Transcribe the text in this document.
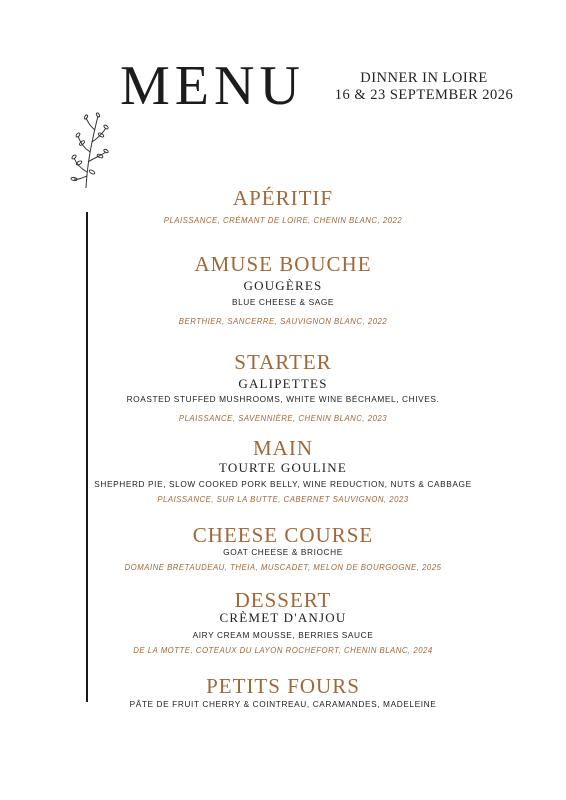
MENU	DINNER IN LOIRE
16 & 23 SEPTEMBER 2026
APÉRITIF
PLAISSANCE, CRÉMANT DE LOIRE, CHENIN BLANC, 2022
AMUSE BOUCHE
GOUGÈRES
BLUE CHEESE & SAGE
BERTHIER, SANCERRE, SAUVIGNON BLANC, 2022
STARTER
GALIPETTES
ROASTED STUFFED MUSHROOMS, WHITE WINE BÉCHAMEL, CHIVES.
PLAISSANCE, SAVENNIÈRE, CHENIN BLANC, 2023
MAIN
TOURTE GOULINE
SHEPHERD PIE, SLOW COOKED PORK BELLY, WINE REDUCTION, NUTS & CABBAGE
PLAISSANCE, SUR LA BUTTE, CABERNET SAUVIGNON, 2023
CHEESE COURSE
GOAT CHEESE & BRIOCHE
DOMAINE BRETAUDEAU, THEIA, MUSCADET, MELON DE BOURGOGNE, 2025
DESSERT
CRÈMET D'ANJOU
AIRY CREAM MOUSSE, BERRIES SAUCE
DE LA MOTTE, COTEAUX DU LAYON ROCHEFORT, CHENIN BLANC, 2024
PETITS FOURS
PÂTE DE FRUIT CHERRY & COINTREAU, CARAMANDES, MADELEINE
